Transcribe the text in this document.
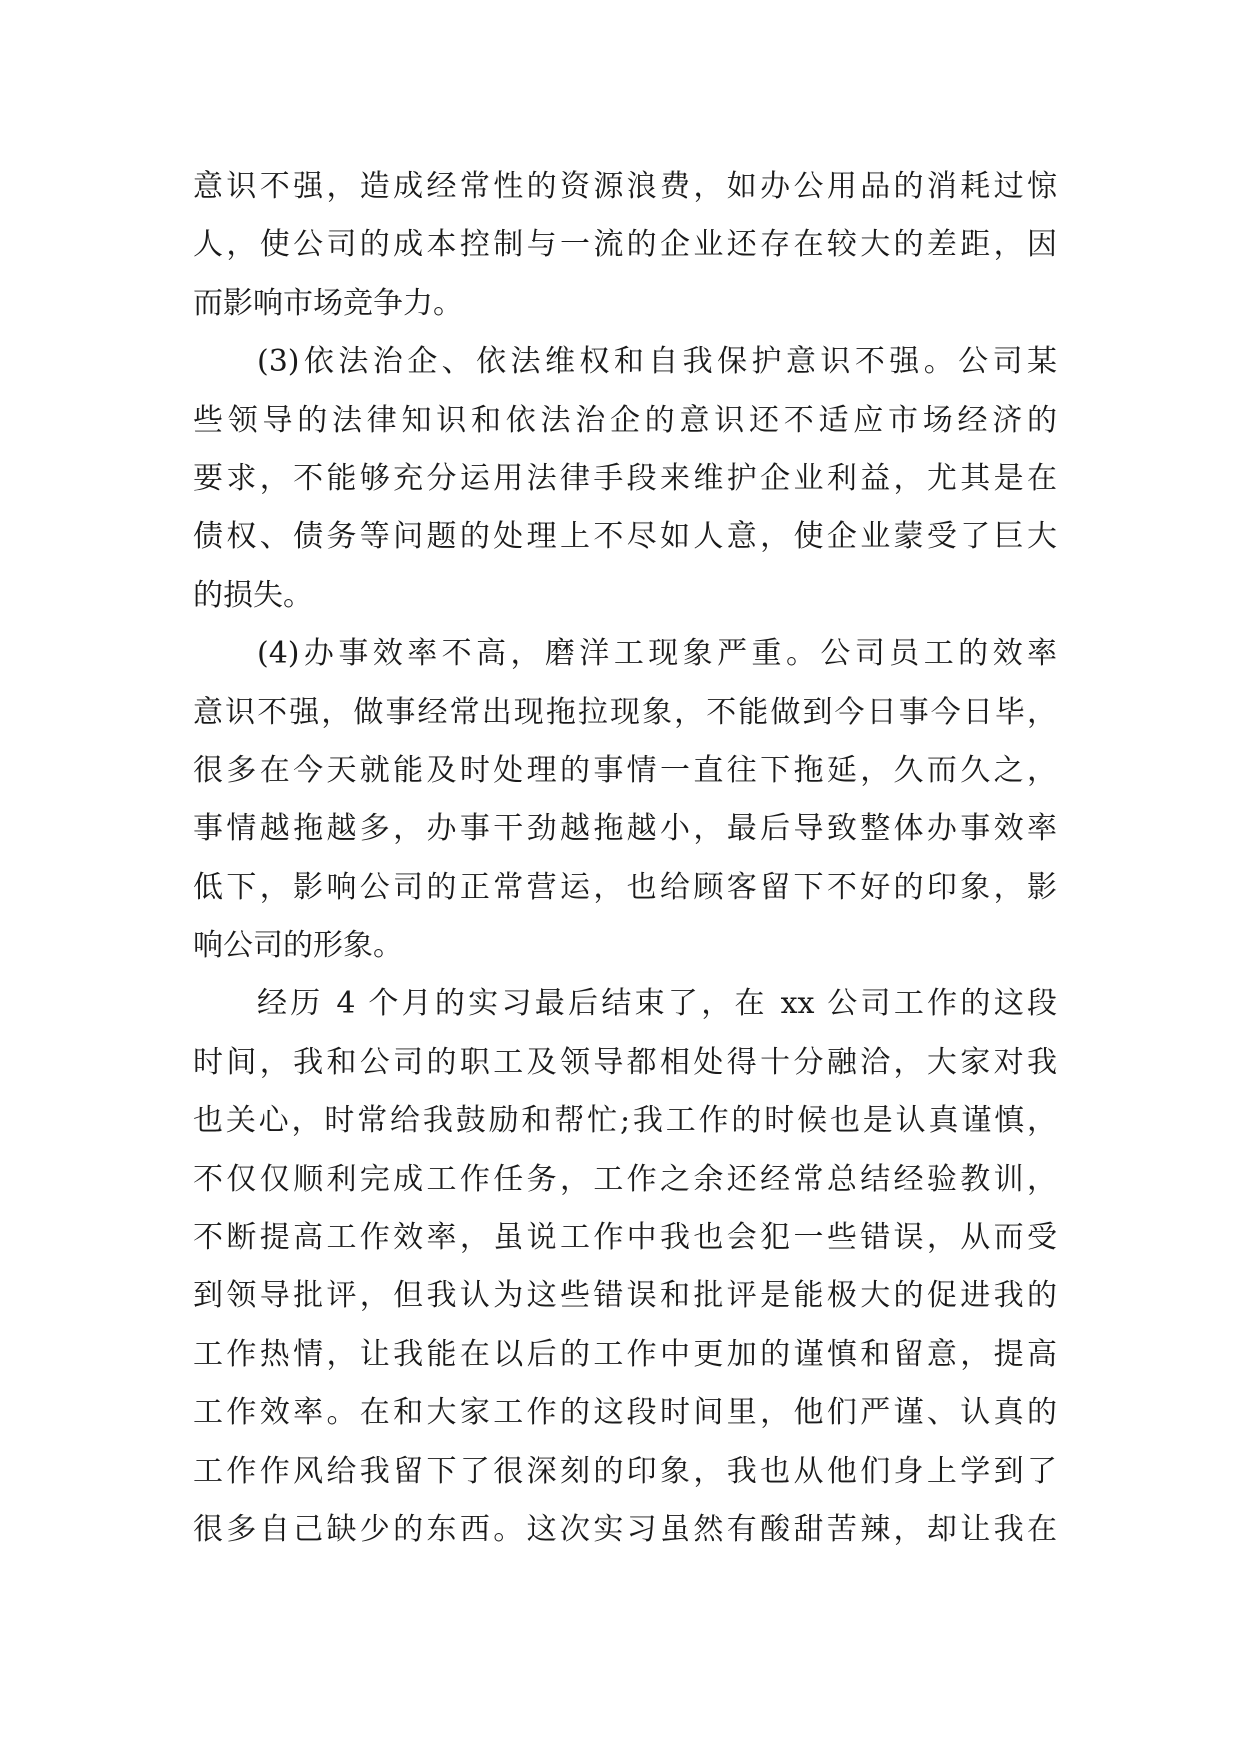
意识不强，造成经常性的资源浪费，如办公用品的消耗过惊
人，使公司的成本控制与一流的企业还存在较大的差距，因
而影响市场竞争力。
(3)依法治企、依法维权和自我保护意识不强。公司某
些领导的法律知识和依法治企的意识还不适应市场经济的
要求，不能够充分运用法律手段来维护企业利益，尤其是在
债权、债务等问题的处理上不尽如人意，使企业蒙受了巨大
的损失。
(4)办事效率不高，磨洋工现象严重。公司员工的效率
意识不强，做事经常出现拖拉现象，不能做到今日事今日毕，
很多在今天就能及时处理的事情一直往下拖延，久而久之，
事情越拖越多，办事干劲越拖越小，最后导致整体办事效率
低下，影响公司的正常营运，也给顾客留下不好的印象，影
响公司的形象。
经历 4 个月的实习最后结束了，在 xx 公司工作的这段
时间，我和公司的职工及领导都相处得十分融洽，大家对我
也关心，时常给我鼓励和帮忙;我工作的时候也是认真谨慎，
不仅仅顺利完成工作任务，工作之余还经常总结经验教训，
不断提高工作效率，虽说工作中我也会犯一些错误，从而受
到领导批评，但我认为这些错误和批评是能极大的促进我的
工作热情，让我能在以后的工作中更加的谨慎和留意，提高
工作效率。在和大家工作的这段时间里，他们严谨、认真的
工作作风给我留下了很深刻的印象，我也从他们身上学到了
很多自己缺少的东西。这次实习虽然有酸甜苦辣，却让我在
